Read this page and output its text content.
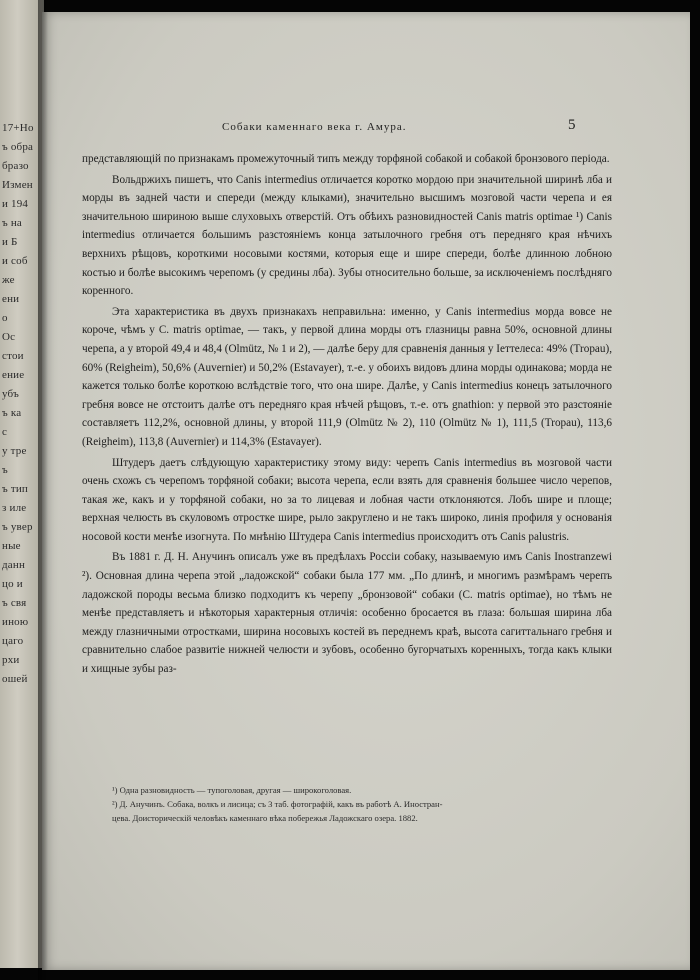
17+Но
ъ обра
бразо
Измен
и 194
ъ на
и Б
и соб
же
ени
о
Ос
стои
ение
убъ
ъ ка
с
у тре
ъ
ъ тип
з иле
ъ увер
ные
данн
цо и
ъ свя
иною
цаго
рхи
ошей
Собаки каменнаго века г. Амура.	5

представляющій по признакамъ промежуточный типъ между торфяной собакой и собакой бронзового періода.

Вольдржихъ пишетъ, что Canis intermedius отличается коротко мордою при значительной ширинѣ лба и морды въ задней части и спереди (между клыками), значительно высшимъ мозговой части черепа и ея значительною ширинoю выше слуховыхъ отверстій. Отъ обѣихъ разновидностей Canis matris optimae ¹) Canis intermedius отличается большимъ разстояніемъ конца затылочного гребня отъ передняго края нѣчихъ верхнихъ рѣщовъ, короткими носовыми костями, которыя еще и шире спереди, болѣе длинною лобною костью и болѣе высокимъ черепомъ (у средины лба). Зубы относительно больше, за исключеніемъ послѣдняго коренного.

Эта характеристика въ двухъ признакахъ неправильна: именно, у Canis intermedius морда вовсе не короче, чѣмъ у C. matris optimae, — такъ, у первой длина морды отъ глазницы равна 50%, основной длины черепа, а у второй 49,4 и 48,4 (Olmütz, № 1 и 2), — далѣе беру для сравненія данныя у Iеттелеса: 49% (Tropau), 60% (Reigheim), 50,6% (Auvernier) и 50,2% (Estavayer), т.-е. у обоихъ видовъ длина морды одинакова; морда не кажется только болѣе короткою вслѣдствіе того, что она шире. Далѣе, у Canis intermedius конецъ затылочного гребня вовсе не отстоитъ далѣе отъ передняго края нѣчей рѣщовъ, т.-е. отъ gnathion: у первой это разстояніе составляетъ 112,2%, основной длины, у второй 111,9 (Olmütz № 2), 110 (Olmütz № 1), 111,5 (Tropau), 113,6 (Reigheim), 113,8 (Auvernier) и 114,3% (Estavayer).

Штудеръ даетъ слѣдующую характеристику этому виду: черепъ Canis intermedius въ мозговой части очень схожъ съ черепомъ торфяной собаки; высота черепа, если взять для сравненія большее число черепов, такая же, какъ и у торфяной собаки, но за то лицевая и лобная части отклоняются. Лобъ шире и площе; верхная челюсть въ скуловомъ отростке шире, рыло закруглено и не такъ широко, линія профиля у основанія носовой кости менѣе изогнута. По мнѣнію Штудера Canis intermedius происходитъ отъ Canis palustris.

Въ 1881 г. Д. Н. Анучинъ описалъ уже въ предѣлахъ Россіи собаку, называемую имъ Canis Inostranzewi ²). Основная длина черепа этой „ладожской“ собаки была 177 мм. „По длинѣ, и многимъ размѣрамъ черепъ ладожской породы весьма близко подходитъ къ черепу „бронзовой“ собаки (C. matris optimae), но тѣмъ не менѣе представляетъ и нѣкоторыя характерныя отличія: особенно бросается въ глаза: большая ширина лба между глазничными отростками, ширина носовыхъ костей въ переднемъ краѣ, высота сагиттальнаго гребня и сравнительно слабое развитіе нижней челюсти и зубовъ, особенно бугорчатыхъ коренныхъ, тогда какъ клыки и хищные зубы раз-

¹) Одна разновидность — тупоголовая, другая — широкоголовая.

²) Д. Анучинъ. Собака, волкъ и лисица; съ 3 таб. фотографій, какъ въ работѣ А. Иностран-

цева. Доисторическій человѣкъ каменнаго вѣка побережья Ладожскаго озера. 1882.
